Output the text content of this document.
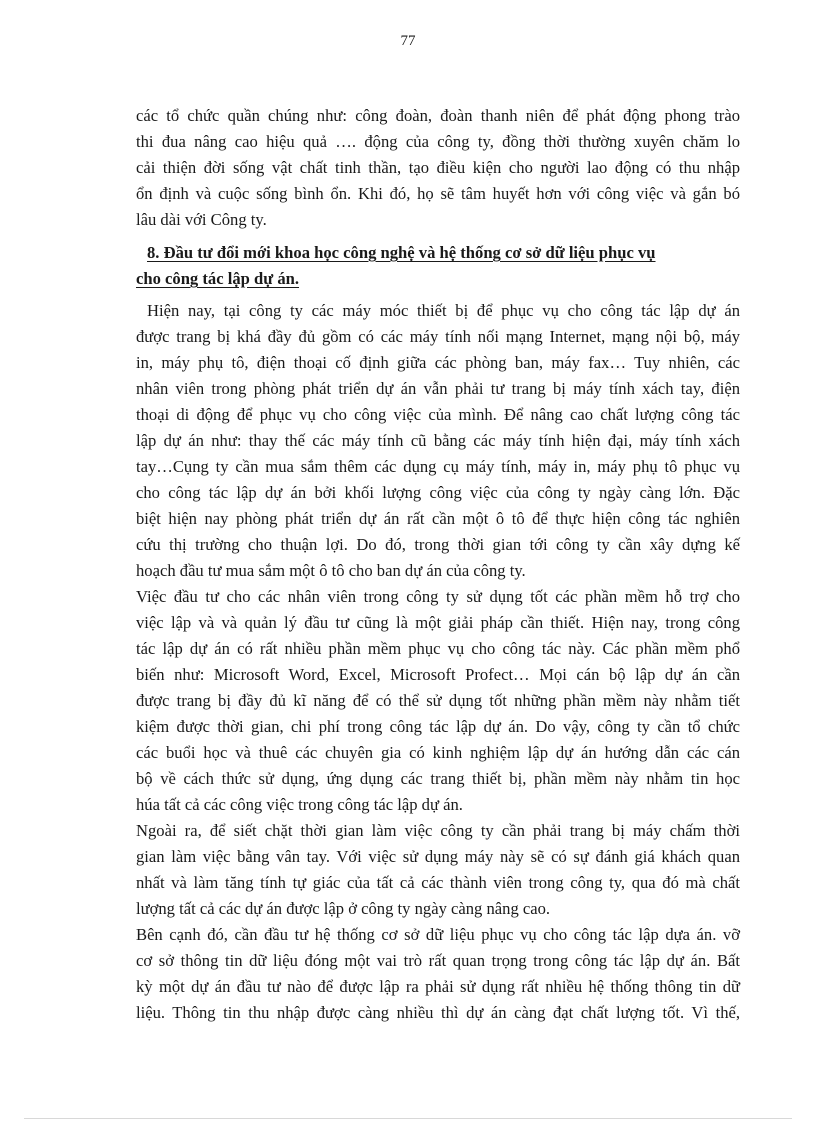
77
các tổ chức quần chúng như: công đoàn, đoàn thanh niên để phát động phong trào
thi đua nâng cao hiệu quả …. động của công ty, đồng thời thường xuyên chăm lo
cải thiện đời sống vật chất tinh thần, tạo điều kiện cho người lao động có thu nhập
ổn định và cuộc sống bình ổn. Khi đó, họ sẽ tâm huyết hơn với công việc và gắn bó
lâu dài với Công ty.
8. Đầu tư đổi mới khoa học công nghệ và hệ thống cơ sở dữ liệu phục vụ
cho công tác lập dự án.
Hiện nay, tại công ty các máy móc thiết bị để phục vụ cho công tác lập dự án
được trang bị khá đầy đủ gồm có các máy tính nối mạng Internet, mạng nội bộ, máy
in, máy phụ tô, điện thoại cố định giữa các phòng ban, máy fax… Tuy nhiên, các
nhân viên trong phòng phát triển dự án vẫn phải tư trang bị máy tính xách tay, điện
thoại di động để phục vụ cho công việc của mình. Để nâng cao chất lượng công tác
lập dự án như: thay thế các máy tính cũ bằng các máy tính hiện đại, máy tính xách
tay…Cụng ty cần mua sắm thêm các dụng cụ máy tính, máy in, máy phụ tô phục vụ
cho công tác lập dự án bởi khối lượng công việc của công ty ngày càng lớn. Đặc
biệt hiện nay phòng phát triển dự án rất cần một ô tô để thực hiện công tác nghiên
cứu thị trường cho thuận lợi. Do đó, trong thời gian tới công ty cần xây dựng kế
hoạch đầu tư mua sắm một ô tô cho ban dự án của công ty.
Việc đầu tư cho các nhân viên trong công ty sử dụng tốt các phần mềm hỗ trợ cho
việc lập và và quản lý đầu tư cũng là một giải pháp cần thiết. Hiện nay, trong công
tác lập dự án có rất nhiều phần mềm phục vụ cho công tác này. Các phần mềm phổ
biến như: Microsoft Word, Excel, Microsoft Profect… Mọi cán bộ lập dự án cần
được trang bị đầy đủ kĩ năng để có thể sử dụng tốt những phần mềm này nhằm tiết
kiệm được thời gian, chi phí trong công tác lập dự án. Do vậy, công ty cần tổ chức
các buổi học và thuê các chuyên gia có kinh nghiệm lập dự án hướng dẫn các cán
bộ về cách thức sử dụng, ứng dụng các trang thiết bị, phần mềm này nhằm tin học
húa tất cả các công việc trong công tác lập dự án.
Ngoài ra, để siết chặt thời gian làm việc công ty cần phải trang bị máy chấm thời
gian làm việc bằng vân tay. Với việc sử dụng máy này sẽ có sự đánh giá khách quan
nhất và làm tăng tính tự giác của tất cả các thành viên trong công ty, qua đó mà chất
lượng tất cả các dự án được lập ở công ty ngày càng nâng cao.
Bên cạnh đó, cần đầu tư hệ thống cơ sở dữ liệu phục vụ cho công tác lập dựa án. vỡ
cơ sở thông tin dữ liệu đóng một vai trò rất quan trọng trong công tác lập dự án. Bất
kỳ một dự án đầu tư nào để được lập ra phải sử dụng rất nhiều hệ thống thông tin dữ
liệu. Thông tin thu nhập được càng nhiều thì dự án càng đạt chất lượng tốt. Vì thế,
